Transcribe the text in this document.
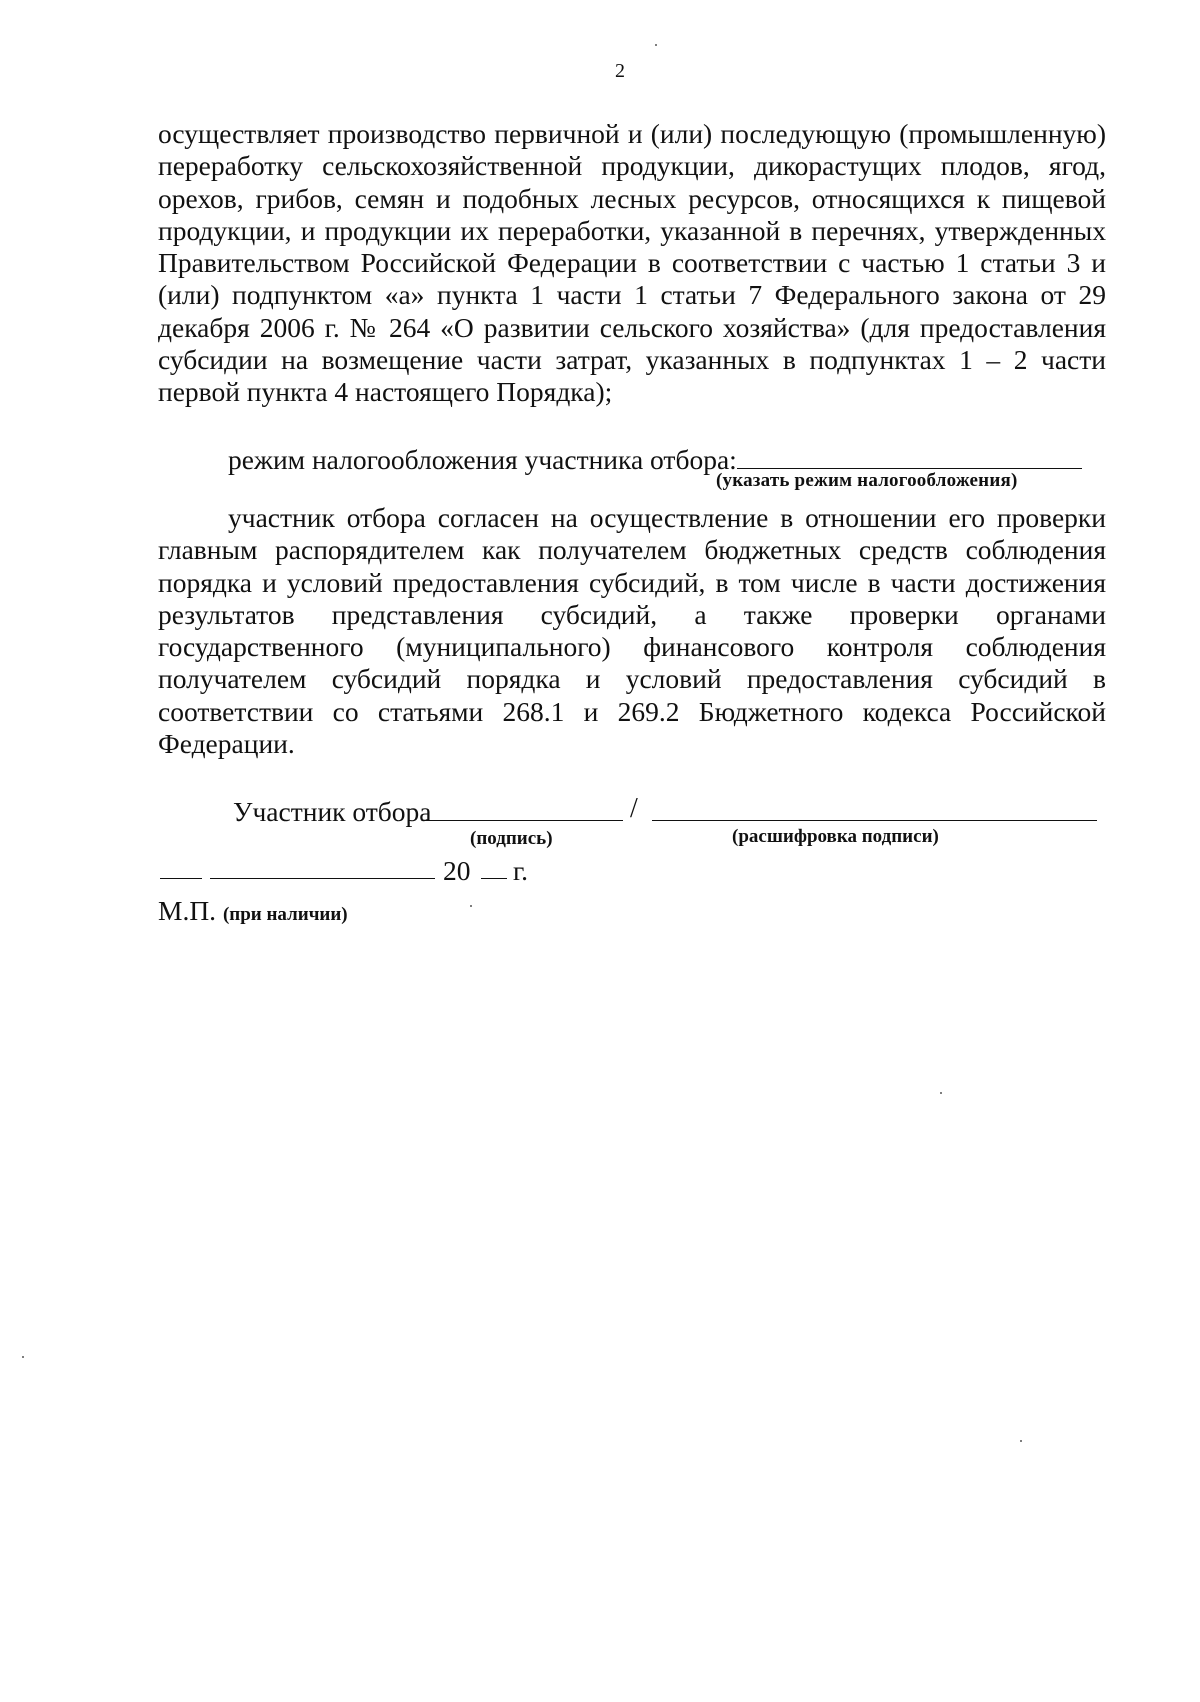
2

осуществляет производство первичной и (или) последующую (промышленную) переработку сельскохозяйственной продукции, дикорастущих плодов, ягод, орехов, грибов, семян и подобных лесных ресурсов, относящихся к пищевой продукции, и продукции их переработки, указанной в перечнях, утвержденных Правительством Российской Федерации в соответствии с частью 1 статьи 3 и (или) подпунктом «а» пункта 1 части 1 статьи 7 Федерального закона от 29 декабря 2006 г. № 264 «О развитии сельского хозяйства» (для предоставления субсидии на возмещение части затрат, указанных в подпунктах 1 – 2 части первой пункта 4 настоящего Порядка);

режим налогообложения участника отбора:
(указать режим налогообложения)

участник отбора согласен на осуществление в отношении его проверки главным распорядителем как получателем бюджетных средств соблюдения порядка и условий предоставления субсидий, в том числе в части достижения результатов представления субсидий, а также проверки органами государственного (муниципального) финансового контроля соблюдения получателем субсидий порядка и условий предоставления субсидий в соответствии со статьями 268.1 и 269.2 Бюджетного кодекса Российской Федерации.

Участник отбора	/
(подпись)	(расшифровка подписи)
20 г.
М.П. (при наличии)
